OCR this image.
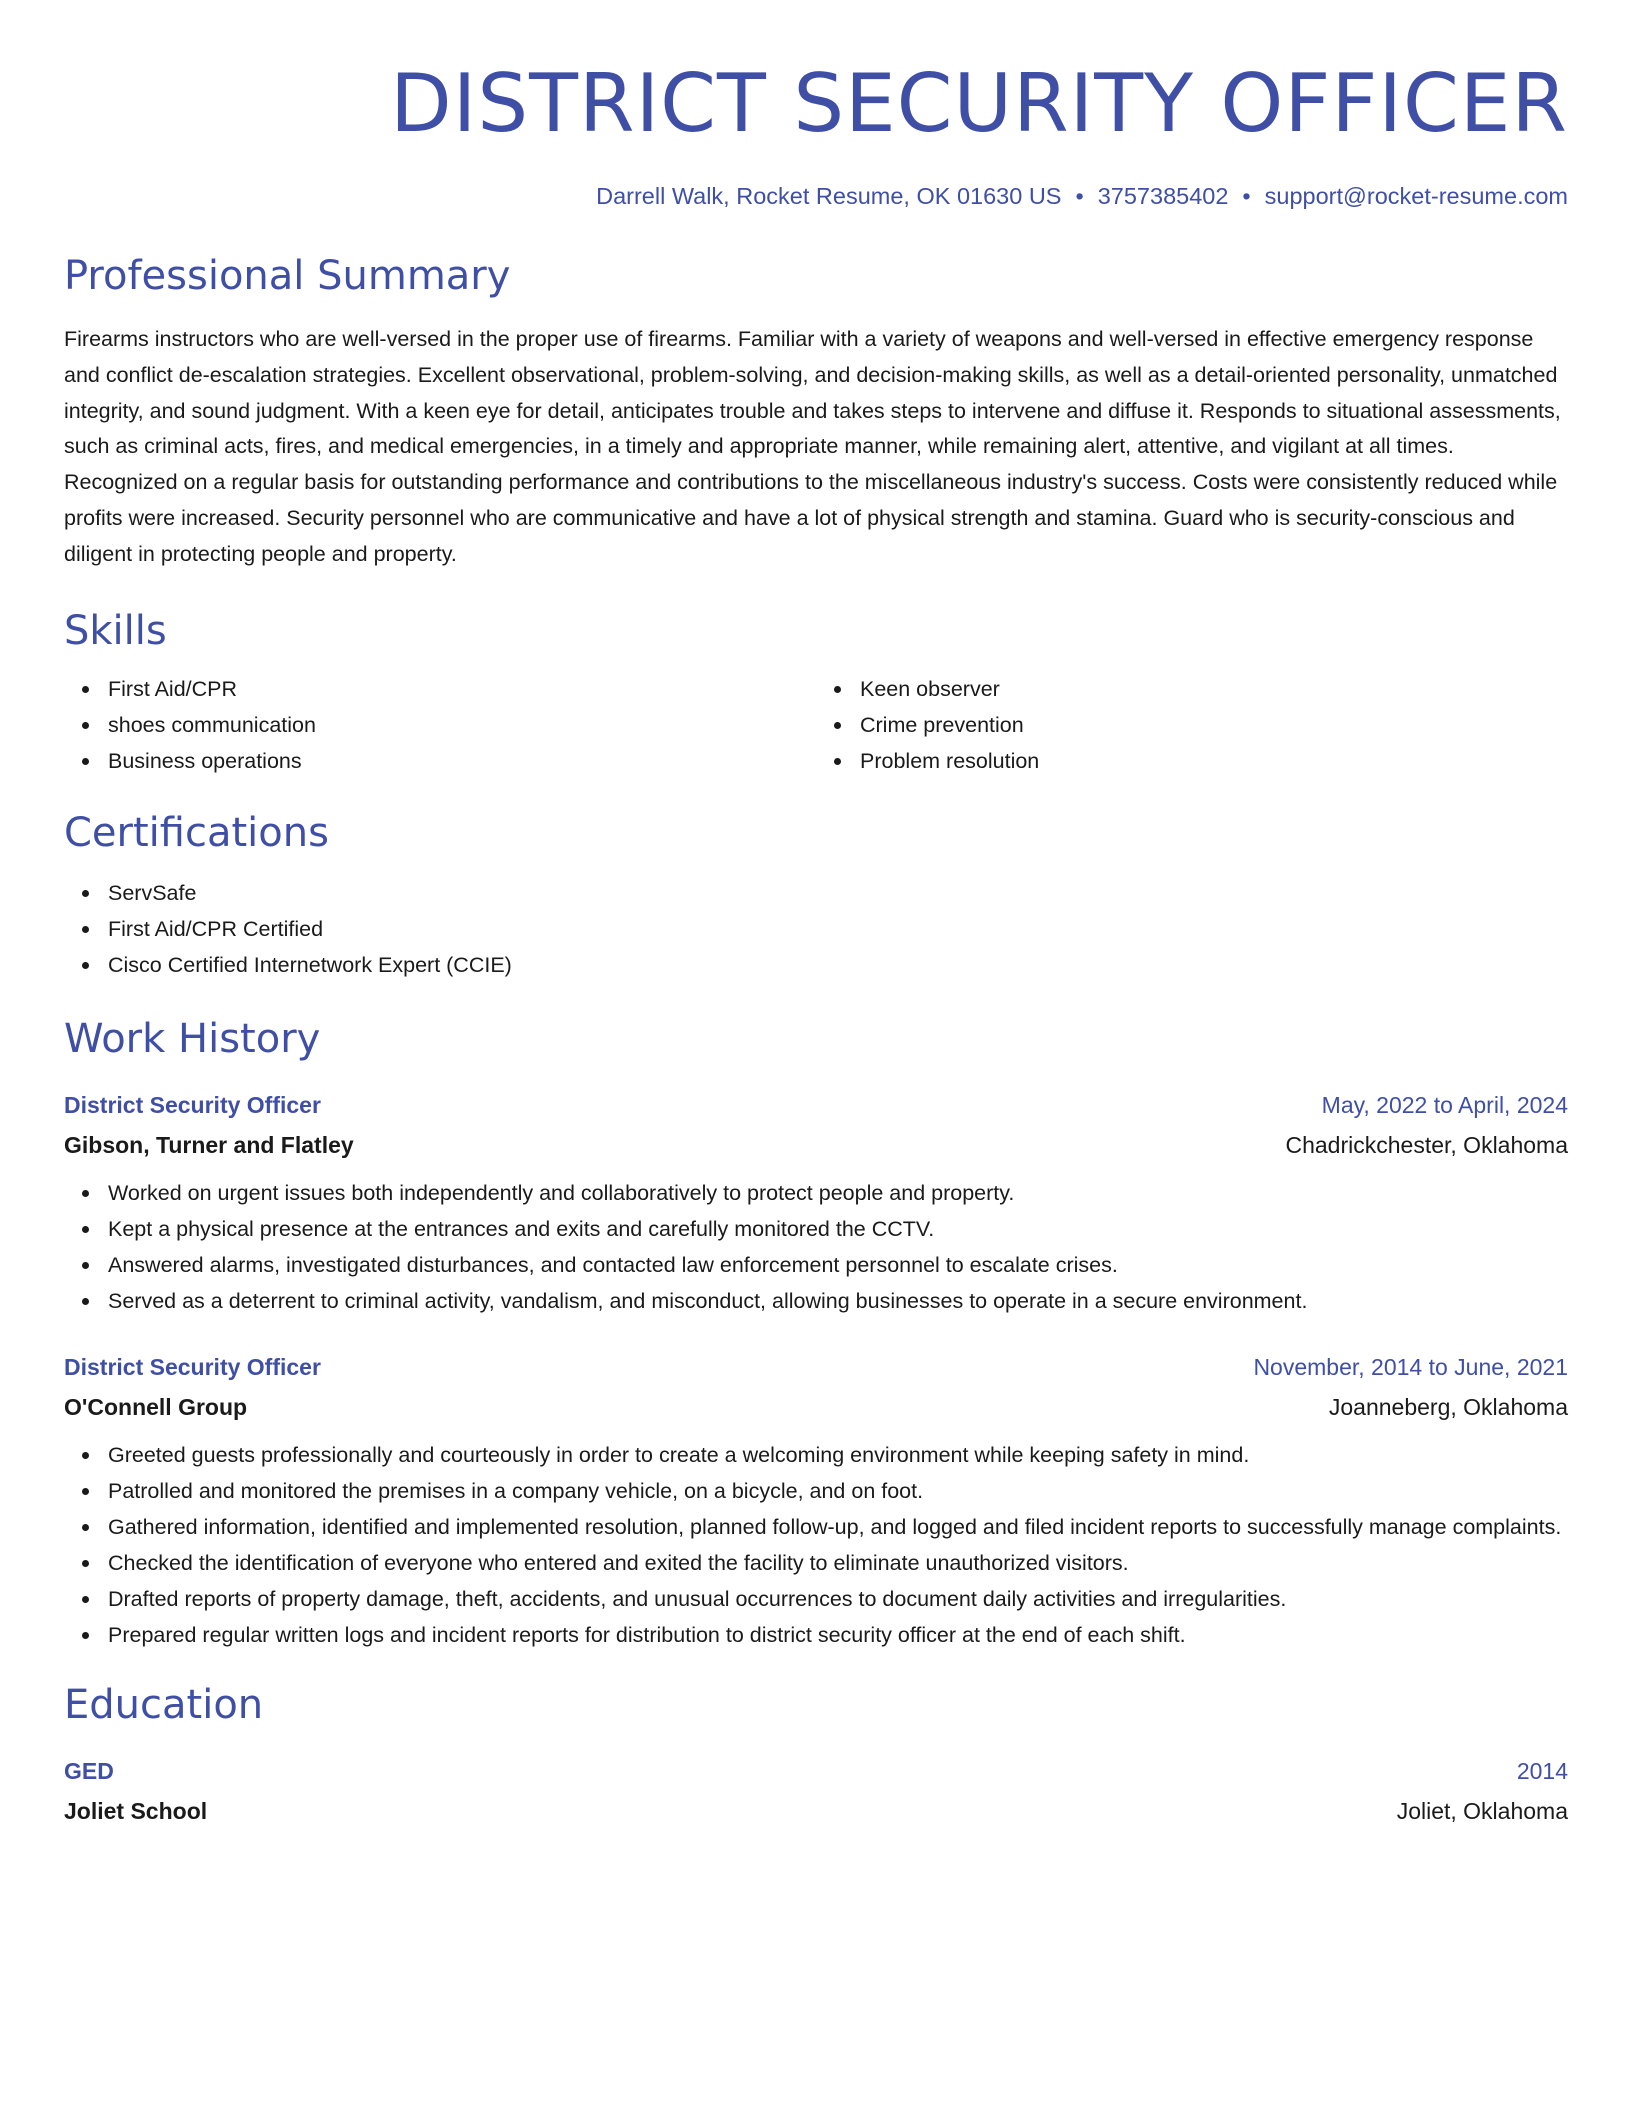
DISTRICT SECURITY OFFICER
Darrell Walk, Rocket Resume, OK 01630 US • 3757385402 • support@rocket-resume.com
Professional Summary

Firearms instructors who are well-versed in the proper use of firearms. Familiar with a variety of weapons and well-versed in effective emergency response and conflict de-escalation strategies. Excellent observational, problem-solving, and decision-making skills, as well as a detail-oriented personality, unmatched integrity, and sound judgment. With a keen eye for detail, anticipates trouble and takes steps to intervene and diffuse it. Responds to situational assessments, such as criminal acts, fires, and medical emergencies, in a timely and appropriate manner, while remaining alert, attentive, and vigilant at all times. Recognized on a regular basis for outstanding performance and contributions to the miscellaneous industry's success. Costs were consistently reduced while profits were increased. Security personnel who are communicative and have a lot of physical strength and stamina. Guard who is security-conscious and diligent in protecting people and property.

Skills
First Aid/CPR
shoes communication
Business operations
Keen observer
Crime prevention
Problem resolution
Certifications
ServSafe
First Aid/CPR Certified
Cisco Certified Internetwork Expert (CCIE)
Work History
District Security Officer	May, 2022 to April, 2024
Gibson, Turner and Flatley	Chadrickchester, Oklahoma
Worked on urgent issues both independently and collaboratively to protect people and property.
Kept a physical presence at the entrances and exits and carefully monitored the CCTV.
Answered alarms, investigated disturbances, and contacted law enforcement personnel to escalate crises.
Served as a deterrent to criminal activity, vandalism, and misconduct, allowing businesses to operate in a secure environment.
District Security Officer	November, 2014 to June, 2021
O'Connell Group	Joanneberg, Oklahoma
Greeted guests professionally and courteously in order to create a welcoming environment while keeping safety in mind.
Patrolled and monitored the premises in a company vehicle, on a bicycle, and on foot.
Gathered information, identified and implemented resolution, planned follow-up, and logged and filed incident reports to successfully manage complaints.
Checked the identification of everyone who entered and exited the facility to eliminate unauthorized visitors.
Drafted reports of property damage, theft, accidents, and unusual occurrences to document daily activities and irregularities.
Prepared regular written logs and incident reports for distribution to district security officer at the end of each shift.
Education
GED	2014
Joliet School	Joliet, Oklahoma
